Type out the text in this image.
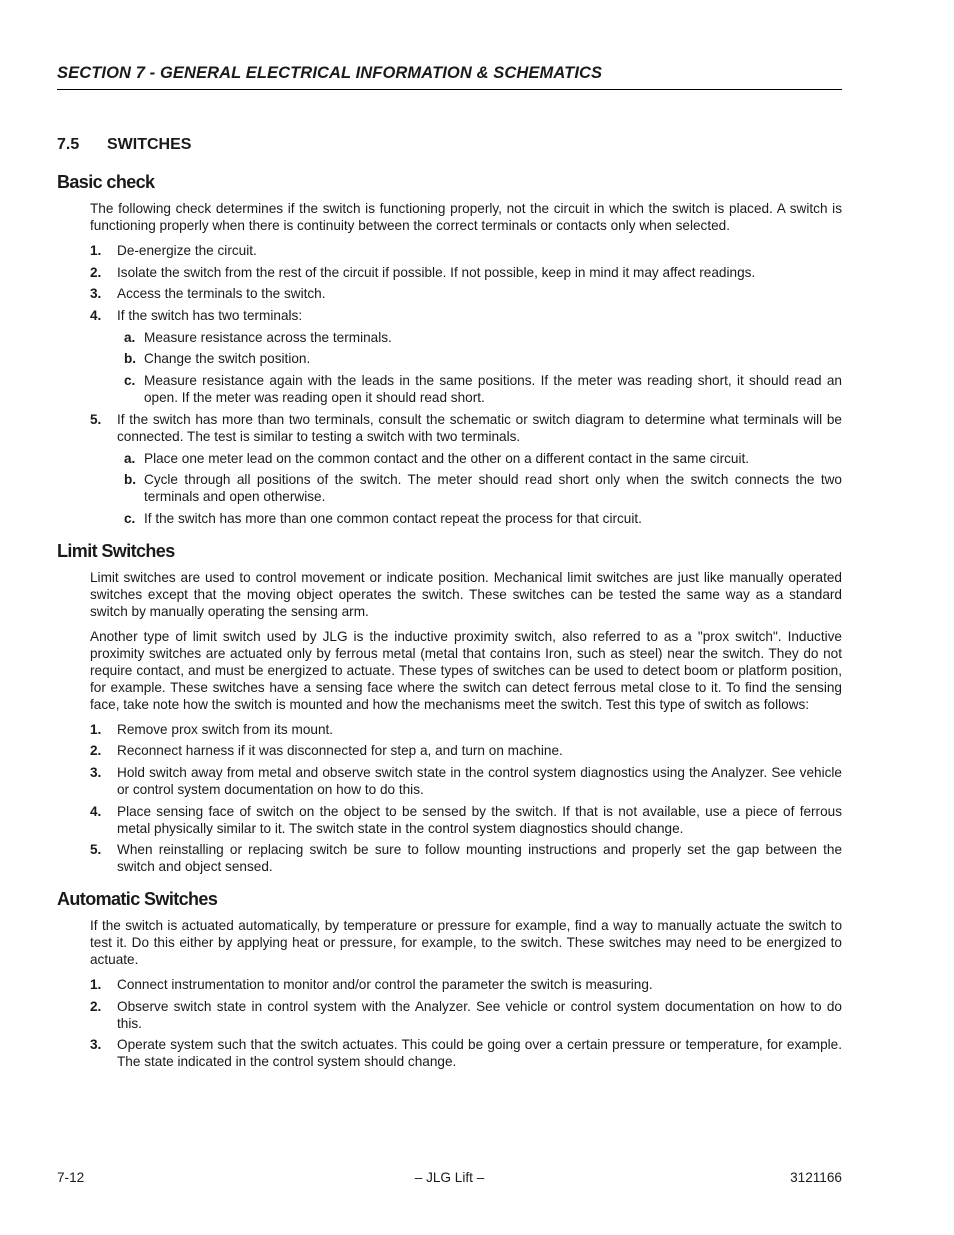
SECTION 7 - GENERAL ELECTRICAL INFORMATION & SCHEMATICS
7.5 SWITCHES
Basic check

The following check determines if the switch is functioning properly, not the circuit in which the switch is placed. A switch is functioning properly when there is continuity between the correct terminals or contacts only when selected.

1. De-energize the circuit.
2. Isolate the switch from the rest of the circuit if possible. If not possible, keep in mind it may affect readings.
3. Access the terminals to the switch.
4. If the switch has two terminals:
a. Measure resistance across the terminals.
b. Change the switch position.
c. Measure resistance again with the leads in the same positions. If the meter was reading short, it should read an open. If the meter was reading open it should read short.
5. If the switch has more than two terminals, consult the schematic or switch diagram to determine what terminals will be connected. The test is similar to testing a switch with two terminals.
a. Place one meter lead on the common contact and the other on a different contact in the same circuit.
b. Cycle through all positions of the switch. The meter should read short only when the switch connects the two terminals and open otherwise.
c. If the switch has more than one common contact repeat the process for that circuit.
Limit Switches

Limit switches are used to control movement or indicate position. Mechanical limit switches are just like manually operated switches except that the moving object operates the switch. These switches can be tested the same way as a standard switch by manually operating the sensing arm.

Another type of limit switch used by JLG is the inductive proximity switch, also referred to as a "prox switch". Inductive proximity switches are actuated only by ferrous metal (metal that contains Iron, such as steel) near the switch. They do not require contact, and must be energized to actuate. These types of switches can be used to detect boom or platform position, for example. These switches have a sensing face where the switch can detect ferrous metal close to it. To find the sensing face, take note how the switch is mounted and how the mechanisms meet the switch. Test this type of switch as follows:

1. Remove prox switch from its mount.
2. Reconnect harness if it was disconnected for step a, and turn on machine.
3. Hold switch away from metal and observe switch state in the control system diagnostics using the Analyzer. See vehicle or control system documentation on how to do this.
4. Place sensing face of switch on the object to be sensed by the switch. If that is not available, use a piece of ferrous metal physically similar to it. The switch state in the control system diagnostics should change.
5. When reinstalling or replacing switch be sure to follow mounting instructions and properly set the gap between the switch and object sensed.
Automatic Switches

If the switch is actuated automatically, by temperature or pressure for example, find a way to manually actuate the switch to test it. Do this either by applying heat or pressure, for example, to the switch. These switches may need to be energized to actuate.

1. Connect instrumentation to monitor and/or control the parameter the switch is measuring.
2. Observe switch state in control system with the Analyzer. See vehicle or control system documentation on how to do this.
3. Operate system such that the switch actuates. This could be going over a certain pressure or temperature, for example. The state indicated in the control system should change.
7-12	– JLG Lift –	3121166
